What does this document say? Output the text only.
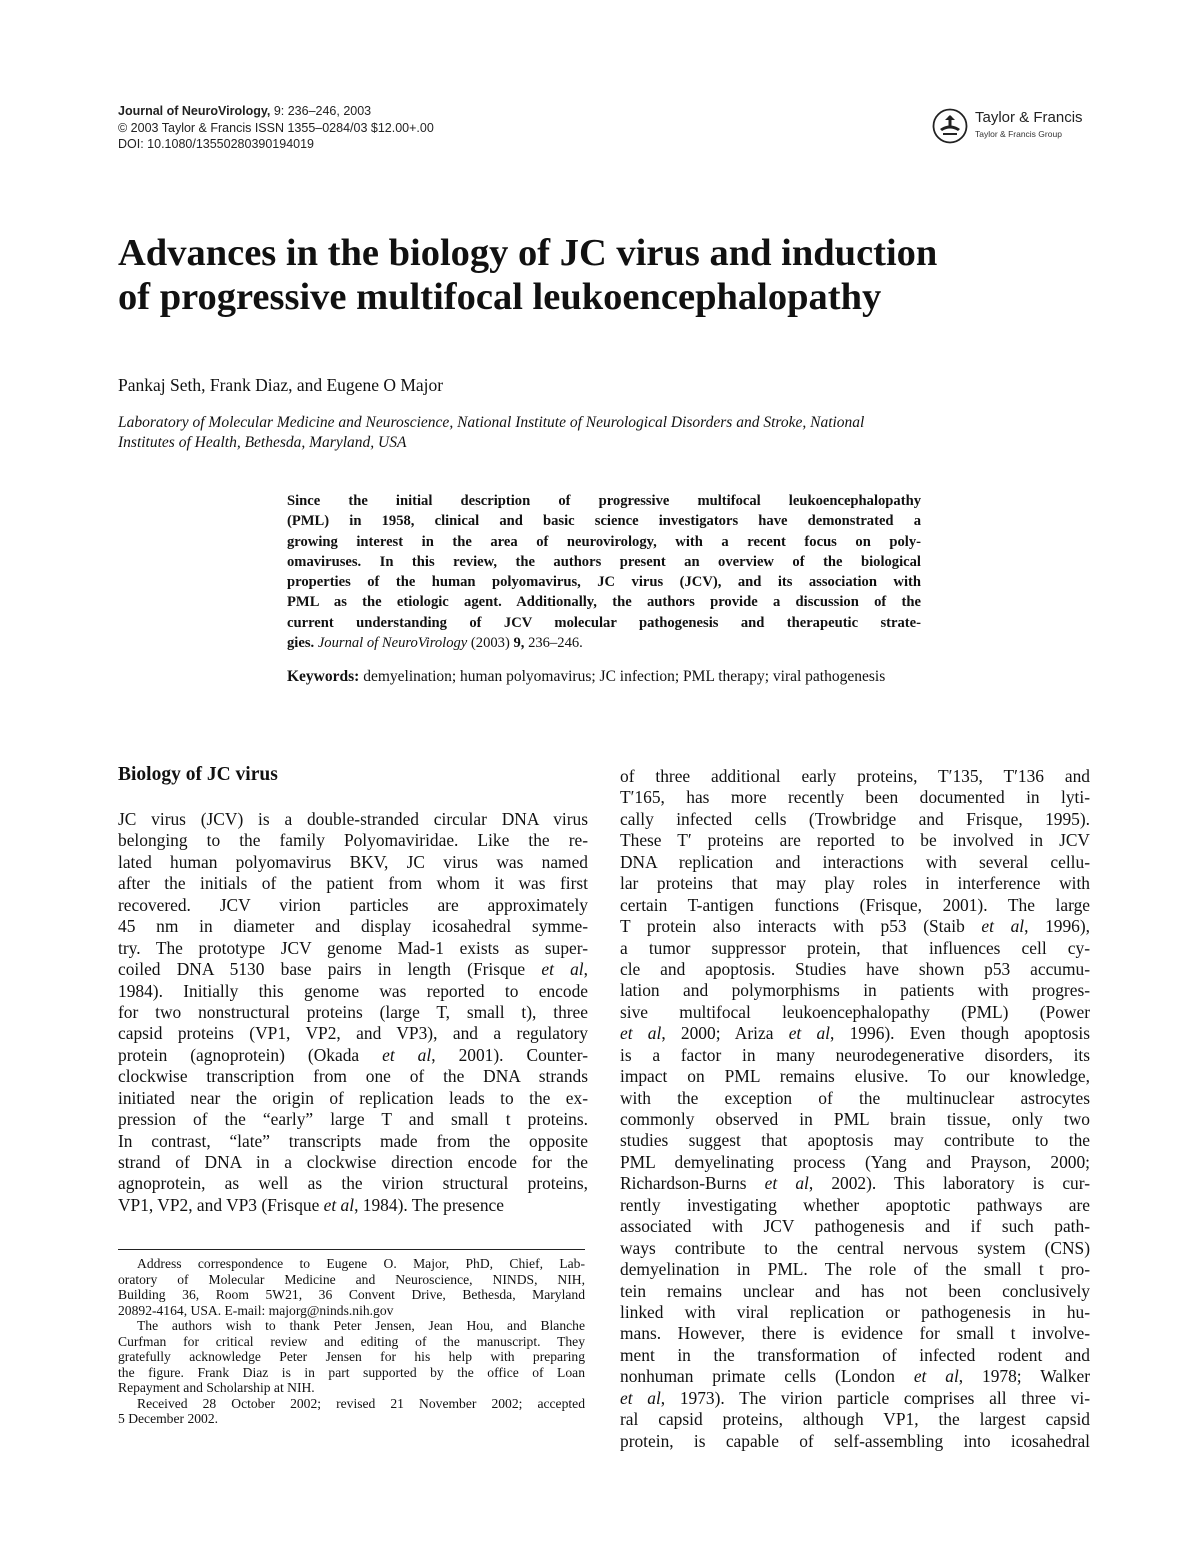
Journal of NeuroVirology, 9: 236–246, 2003
© 2003 Taylor & Francis ISSN 1355–0284/03 $12.00+.00
DOI: 10.1080/13550280390194019
Taylor & Francis
Taylor & Francis Group
Advances in the biology of JC virus and induction
of progressive multifocal leukoencephalopathy
Pankaj Seth, Frank Diaz, and Eugene O Major
Laboratory of Molecular Medicine and Neuroscience, National Institute of Neurological Disorders and Stroke, National
Institutes of Health, Bethesda, Maryland, USA
Since the initial description of progressive multifocal leukoencephalopathy
(PML) in 1958, clinical and basic science investigators have demonstrated a
growing interest in the area of neurovirology, with a recent focus on poly-
omaviruses. In this review, the authors present an overview of the biological
properties of the human polyomavirus, JC virus (JCV), and its association with
PML as the etiologic agent. Additionally, the authors provide a discussion of the
current understanding of JCV molecular pathogenesis and therapeutic strate-
gies. Journal of NeuroVirology (2003) 9, 236–246.
Keywords: demyelination; human polyomavirus; JC infection; PML therapy; viral pathogenesis
Biology of JC virus
JC virus (JCV) is a double-stranded circular DNA virus
belonging to the family Polyomaviridae. Like the re-
lated human polyomavirus BKV, JC virus was named
after the initials of the patient from whom it was first
recovered. JCV virion particles are approximately
45 nm in diameter and display icosahedral symme-
try. The prototype JCV genome Mad-1 exists as super-
coiled DNA 5130 base pairs in length (Frisque et al,
1984). Initially this genome was reported to encode
for two nonstructural proteins (large T, small t), three
capsid proteins (VP1, VP2, and VP3), and a regulatory
protein (agnoprotein) (Okada et al, 2001). Counter-
clockwise transcription from one of the DNA strands
initiated near the origin of replication leads to the ex-
pression of the “early” large T and small t proteins.
In contrast, “late” transcripts made from the opposite
strand of DNA in a clockwise direction encode for the
agnoprotein, as well as the virion structural proteins,
VP1, VP2, and VP3 (Frisque et al, 1984). The presence
of three additional early proteins, T′135, T′136 and
T′165, has more recently been documented in lyti-
cally infected cells (Trowbridge and Frisque, 1995).
These T′ proteins are reported to be involved in JCV
DNA replication and interactions with several cellu-
lar proteins that may play roles in interference with
certain T-antigen functions (Frisque, 2001). The large
T protein also interacts with p53 (Staib et al, 1996),
a tumor suppressor protein, that influences cell cy-
cle and apoptosis. Studies have shown p53 accumu-
lation and polymorphisms in patients with progres-
sive multifocal leukoencephalopathy (PML) (Power
et al, 2000; Ariza et al, 1996). Even though apoptosis
is a factor in many neurodegenerative disorders, its
impact on PML remains elusive. To our knowledge,
with the exception of the multinuclear astrocytes
commonly observed in PML brain tissue, only two
studies suggest that apoptosis may contribute to the
PML demyelinating process (Yang and Prayson, 2000;
Richardson-Burns et al, 2002). This laboratory is cur-
rently investigating whether apoptotic pathways are
associated with JCV pathogenesis and if such path-
ways contribute to the central nervous system (CNS)
demyelination in PML. The role of the small t pro-
tein remains unclear and has not been conclusively
linked with viral replication or pathogenesis in hu-
mans. However, there is evidence for small t involve-
ment in the transformation of infected rodent and
nonhuman primate cells (London et al, 1978; Walker
et al, 1973). The virion particle comprises all three vi-
ral capsid proteins, although VP1, the largest capsid
protein, is capable of self-assembling into icosahedral
Address correspondence to Eugene O. Major, PhD, Chief, Lab-
oratory of Molecular Medicine and Neuroscience, NINDS, NIH,
Building 36, Room 5W21, 36 Convent Drive, Bethesda, Maryland
20892-4164, USA. E-mail: majorg@ninds.nih.gov
The authors wish to thank Peter Jensen, Jean Hou, and Blanche
Curfman for critical review and editing of the manuscript. They
gratefully acknowledge Peter Jensen for his help with preparing
the figure. Frank Diaz is in part supported by the office of Loan
Repayment and Scholarship at NIH.
Received 28 October 2002; revised 21 November 2002; accepted
5 December 2002.
